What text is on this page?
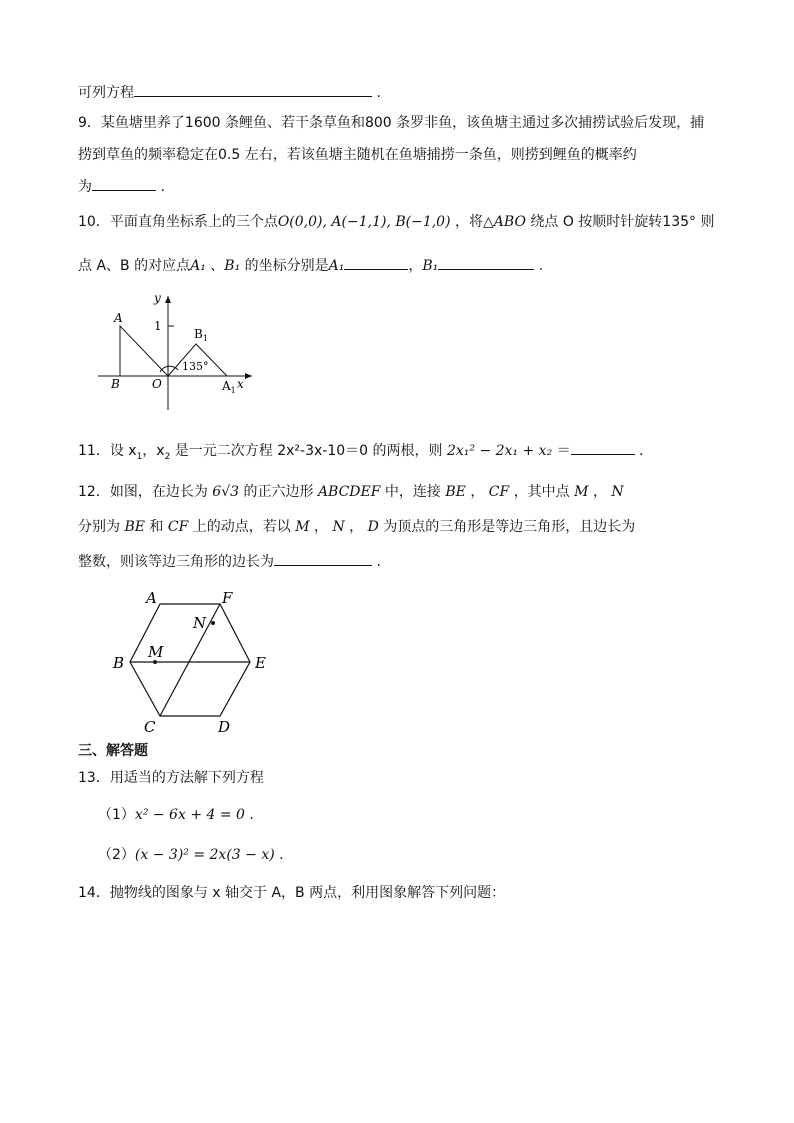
可列方程	.
9．某鱼塘里养了1600 条鲤鱼、若干条草鱼和800 条罗非鱼，该鱼塘主通过多次捕捞试验后发现，捕
捞到草鱼的频率稳定在0.5 左右，若该鱼塘主随机在鱼塘捕捞一条鱼，则捞到鲤鱼的概率约
为	.
10．平面直角坐标系上的三个点O(0,0), A(−1,1), B(−1,0) ，将△ABO 绕点 O 按顺时针旋转135° 则
点 A、B 的对应点A₁ 、B₁ 的坐标分别是A₁	，B₁	.
y
1
A
$B_1$
135°
B	O	$A_1$ x
11．设 $x_1$，$x_2$ 是一元二次方程 2x²-3x-10＝0 的两根，则 2x₁² − 2x₁ + x₂ ＝	.
12．如图，在边长为 6√3 的正六边形 ABCDEF 中，连接 BE ， CF ，其中点 M ， N
分别为 BE 和 CF 上的动点，若以 M ， N ， D 为顶点的三角形是等边三角形，且边长为
整数，则该等边三角形的边长为	.
A	F
N
B
M
E
C	D
三、解答题
13．用适当的方法解下列方程
（1）x² − 6x + 4 = 0 .
（2）(x − 3)² = 2x(3 − x) .
14．抛物线的图象与 x 轴交于 A，B 两点，利用图象解答下列问题：
